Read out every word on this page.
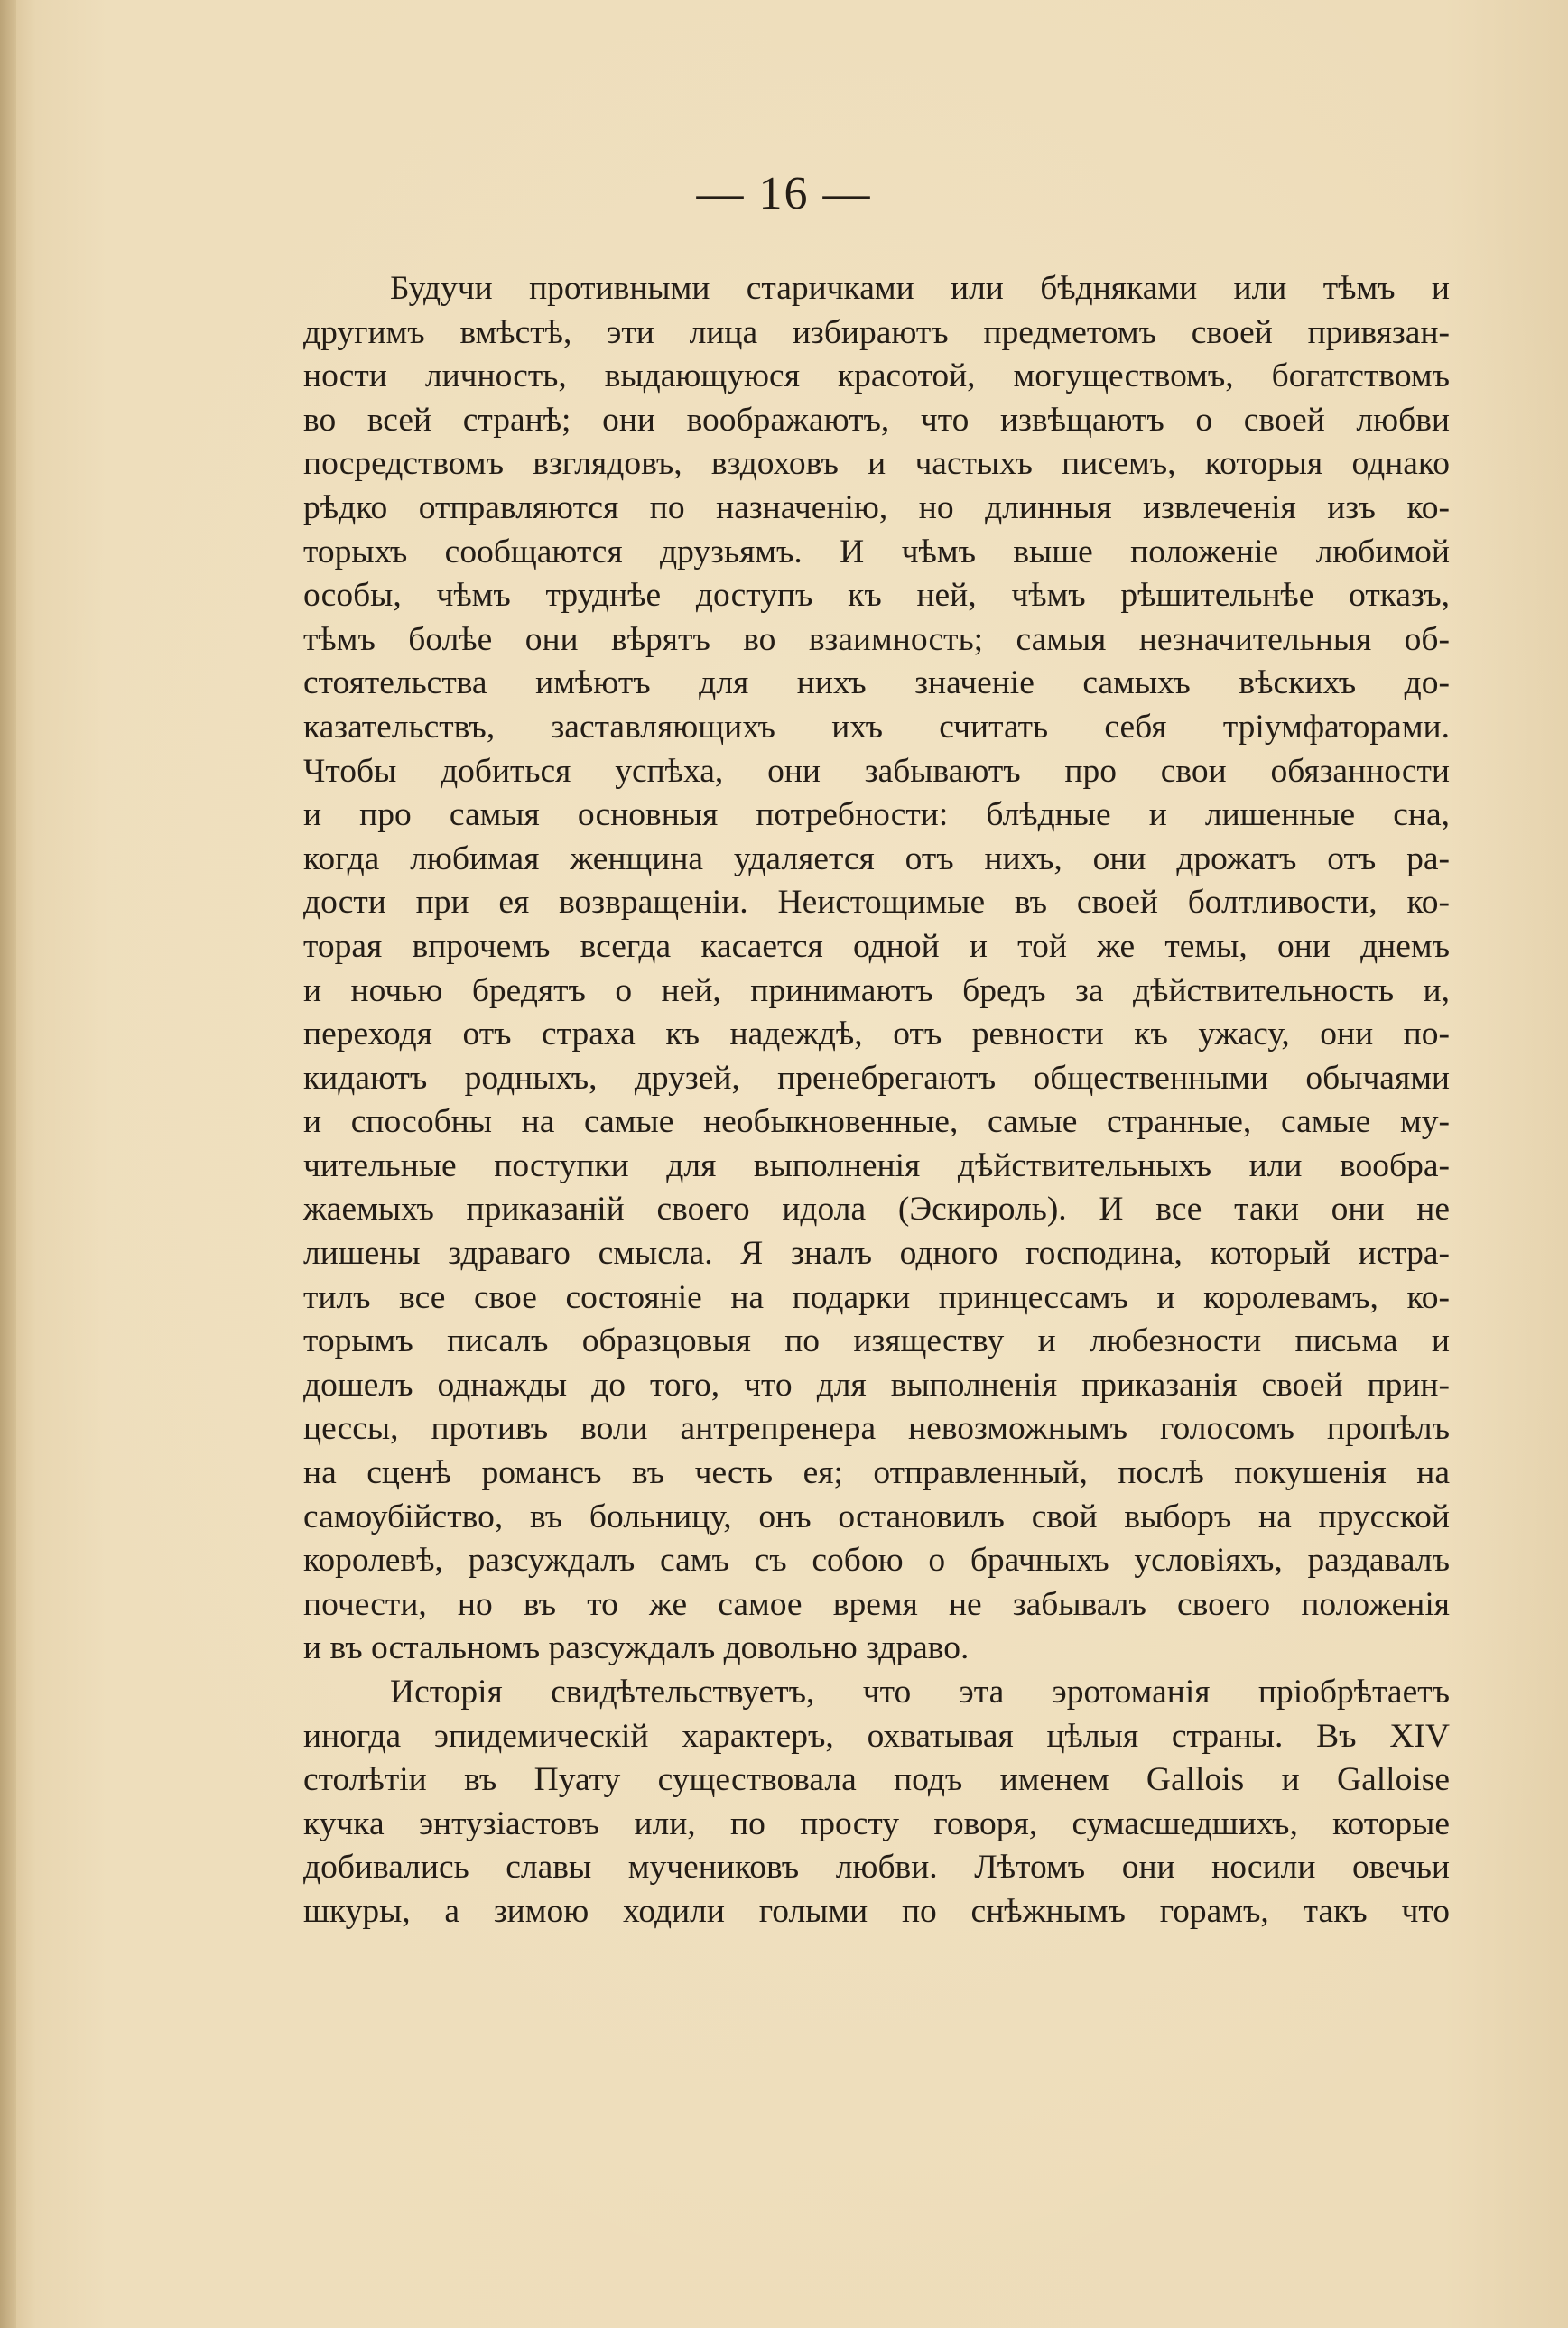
— 16 —
Будучи противными старичками или бѣдняками или тѣмъ и
другимъ вмѣстѣ, эти лица избираютъ предметомъ своей привязан-
ности личность, выдающуюся красотой, могуществомъ, богатствомъ
во всей странѣ; они воображаютъ, что извѣщаютъ о своей любви
посредствомъ взглядовъ, вздоховъ и частыхъ писемъ, которыя однако
рѣдко отправляются по назначенію, но длинныя извлеченія изъ ко-
торыхъ сообщаются друзьямъ. И чѣмъ выше положеніе любимой
особы, чѣмъ труднѣе доступъ къ ней, чѣмъ рѣшительнѣе отказъ,
тѣмъ болѣе они вѣрятъ во взаимность; самыя незначительныя об-
стоятельства имѣютъ для нихъ значеніе самыхъ вѣскихъ до-
казательствъ, заставляющихъ ихъ считать себя тріумфаторами.
Чтобы добиться успѣха, они забываютъ про свои обязанности
и про самыя основныя потребности: блѣдные и лишенные сна,
когда любимая женщина удаляется отъ нихъ, они дрожатъ отъ ра-
дости при ея возвращеніи. Неистощимые въ своей болтливости, ко-
торая впрочемъ всегда касается одной и той же темы, они днемъ
и ночью бредятъ о ней, принимаютъ бредъ за дѣйствительность и,
переходя отъ страха къ надеждѣ, отъ ревности къ ужасу, они по-
кидаютъ родныхъ, друзей, пренебрегаютъ общественными обычаями
и способны на самые необыкновенные, самые странные, самые му-
чительные поступки для выполненія дѣйствительныхъ или вообра-
жаемыхъ приказаній своего идола (Эскироль). И все таки они не
лишены здраваго смысла. Я зналъ одного господина, который истра-
тилъ все свое состояніе на подарки принцессамъ и королевамъ, ко-
торымъ писалъ образцовыя по изяществу и любезности письма и
дошелъ однажды до того, что для выполненія приказанія своей прин-
цессы, противъ воли антрепренера невозможнымъ голосомъ пропѣлъ
на сценѣ романсъ въ честь ея; отправленный, послѣ покушенія на
самоубійство, въ больницу, онъ остановилъ свой выборъ на прусской
королевѣ, разсуждалъ самъ съ собою о брачныхъ условіяхъ, раздавалъ
почести, но въ то же самое время не забывалъ своего положенія
и въ остальномъ разсуждалъ довольно здраво.
Исторія свидѣтельствуетъ, что эта эротоманія пріобрѣтаетъ
иногда эпидемическій характеръ, охватывая цѣлыя страны. Въ XIV
столѣтіи въ Пуату существовала подъ именем Gallois и Galloise
кучка энтузіастовъ или, по просту говоря, сумасшедшихъ, которые
добивались славы мучениковъ любви. Лѣтомъ они носили овечьи
шкуры, а зимою ходили голыми по снѣжнымъ горамъ, такъ что
